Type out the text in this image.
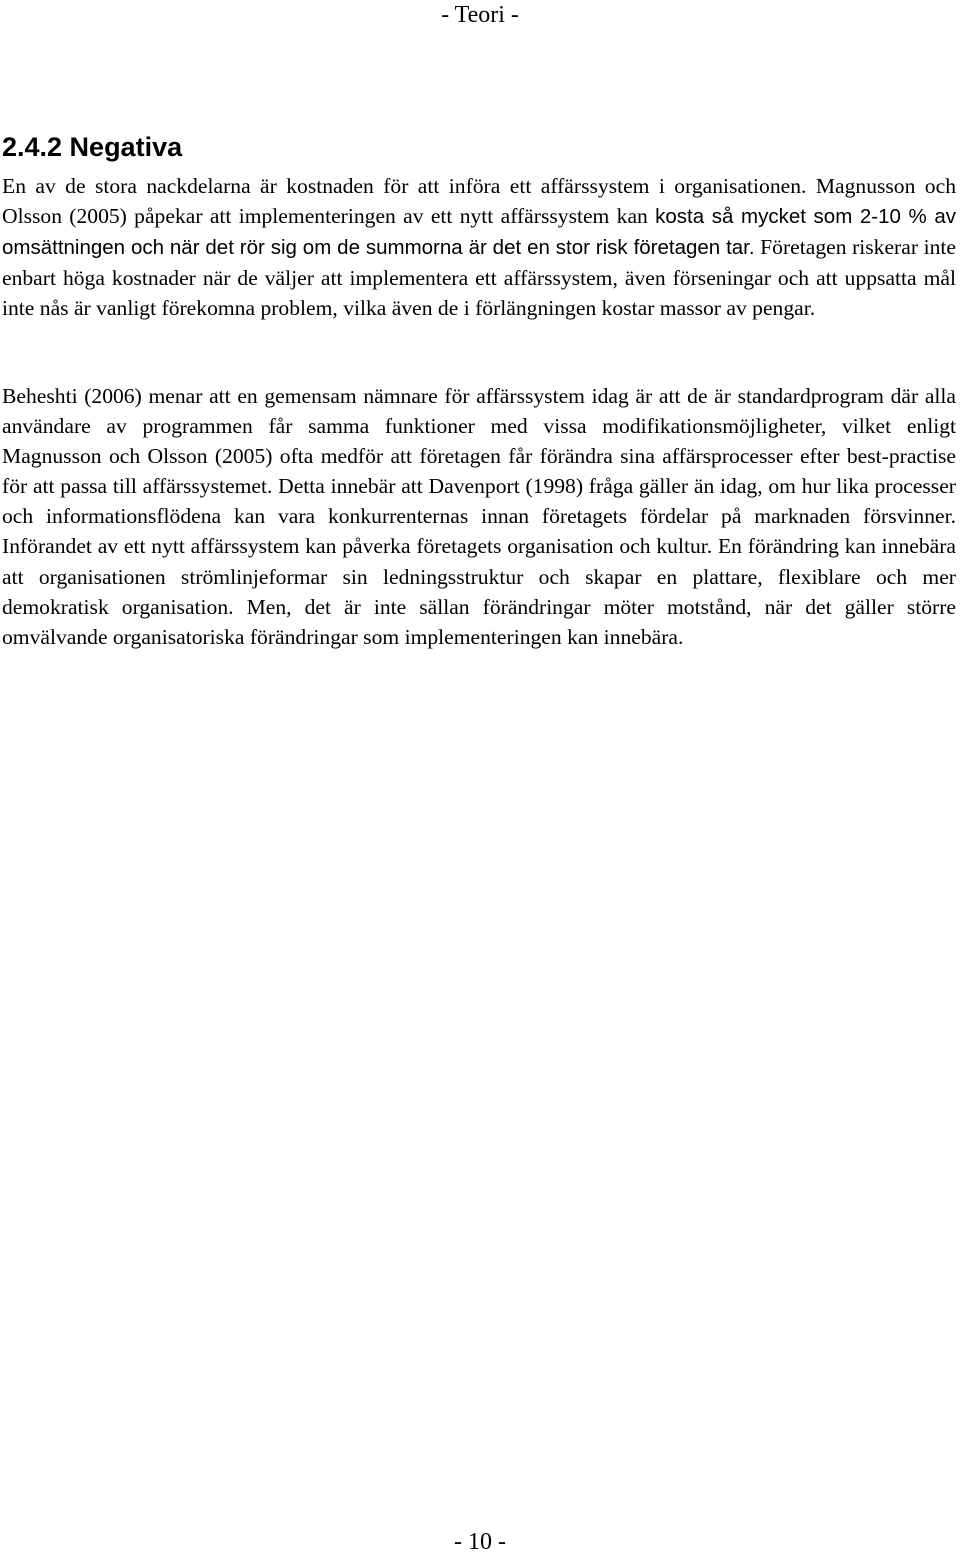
- Teori -
2.4.2 Negativa

En av de stora nackdelarna är kostnaden för att införa ett affärssystem i organisationen. Magnusson och Olsson (2005) påpekar att implementeringen av ett nytt affärssystem kan kosta så mycket som 2-10 % av omsättningen och när det rör sig om de summorna är det en stor risk företagen tar. Företagen riskerar inte enbart höga kostnader när de väljer att implementera ett affärssystem, även förseningar och att uppsatta mål inte nås är vanligt förekomna problem, vilka även de i förlängningen kostar massor av pengar.

Beheshti (2006) menar att en gemensam nämnare för affärssystem idag är att de är standardprogram där alla användare av programmen får samma funktioner med vissa modifikationsmöjligheter, vilket enligt Magnusson och Olsson (2005) ofta medför att företagen får förändra sina affärsprocesser efter best-practise för att passa till affärssystemet. Detta innebär att Davenport (1998) fråga gäller än idag, om hur lika processer och informationsflödena kan vara konkurrenternas innan företagets fördelar på marknaden försvinner. Införandet av ett nytt affärssystem kan påverka företagets organisation och kultur. En förändring kan innebära att organisationen strömlinjeformar sin ledningsstruktur och skapar en plattare, flexiblare och mer demokratisk organisation. Men, det är inte sällan förändringar möter motstånd, när det gäller större omvälvande organisatoriska förändringar som implementeringen kan innebära.

- 10 -
